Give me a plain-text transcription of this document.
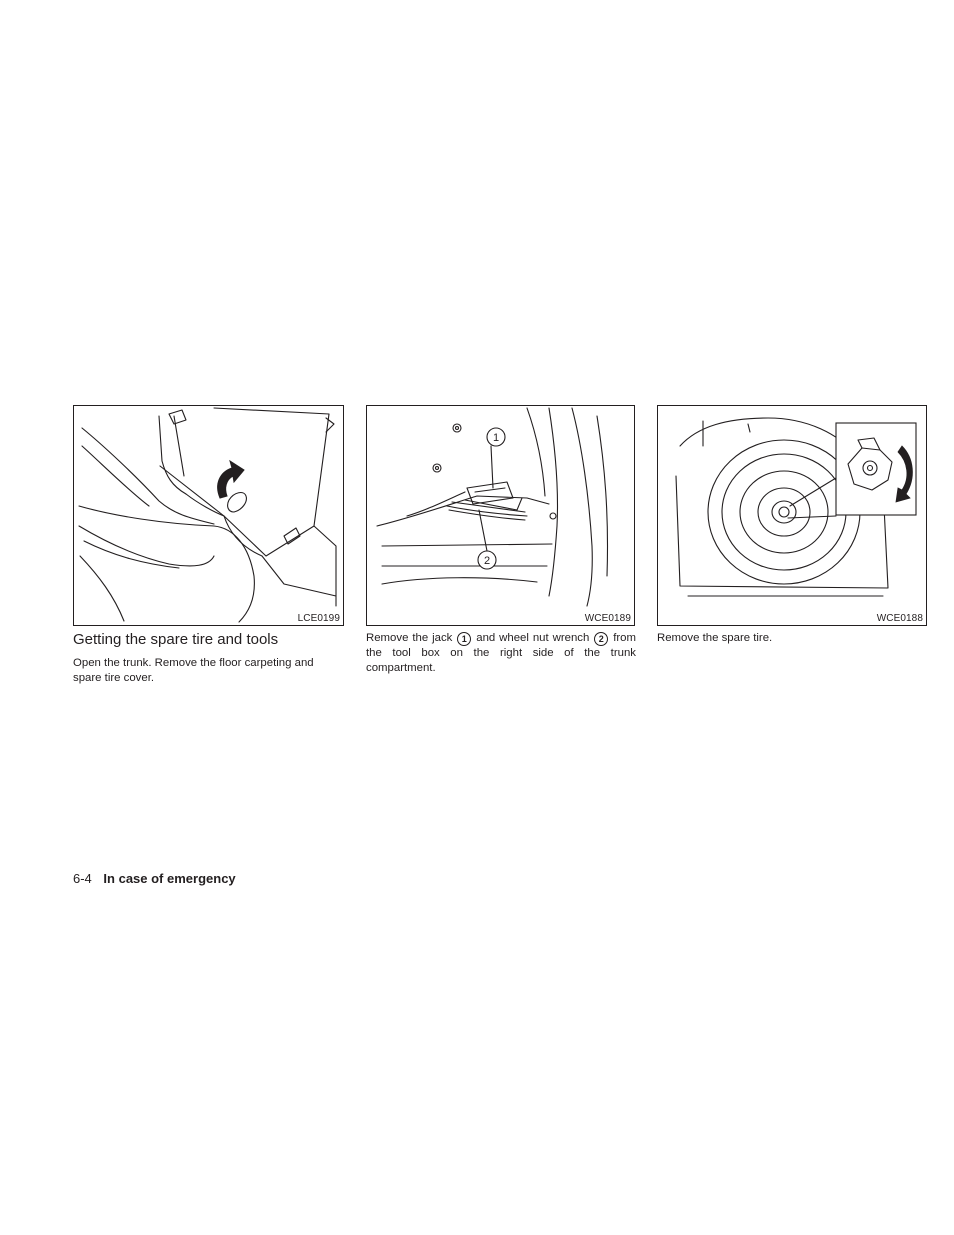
LCE0199
1
2
WCE0189	WCE0188
Getting the spare tire and tools

Open the trunk. Remove the floor carpeting and spare tire cover.

Remove the jack 1 and wheel nut wrench 2 from the tool box on the right side of the trunk compartment.

Remove the spare tire.

6-4 In case of emergency
